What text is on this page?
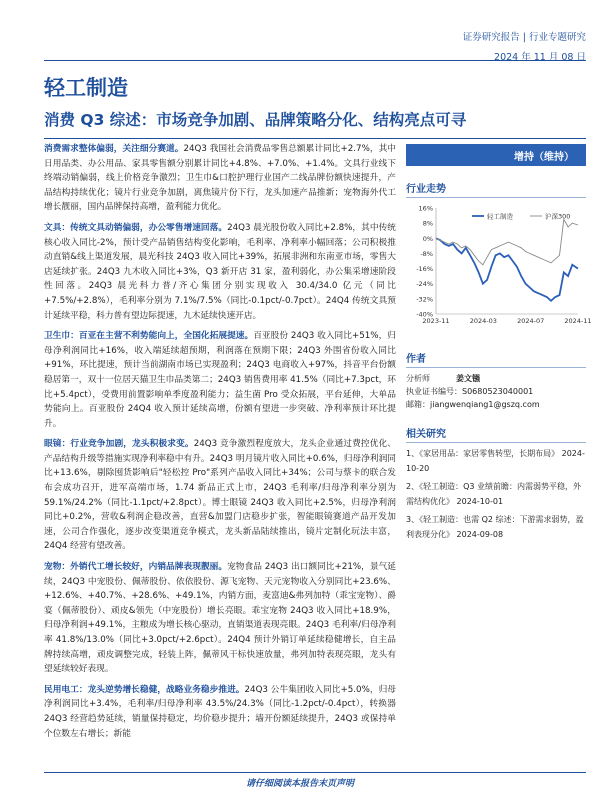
证券研究报告 | 行业专题研究
2024 年 11 月 08 日
轻工制造
消费 Q3 综述：市场竞争加剧、品牌策略分化、结构亮点可寻

消费需求整体偏弱，关注细分赛道。24Q3 我国社会消费品零售总额累计同比+2.7%，其中日用品类、办公用品、家具零售额分别累计同比+4.8%、+7.0%、+1.4%。文具行业线下终端动销偏弱，线上价格竞争激烈；卫生巾&口腔护理行业国产二线品牌份额快速提升，产品结构持续优化；镜片行业竞争加剧，离焦镜片份下行，龙头加速产品推新；宠物海外代工增长靓丽，国内品牌保持高增，盈利能力优化。

文具：传统文具动销偏弱，办公零售增速回落。24Q3 晨光股份收入同比+2.8%，其中传统核心收入同比-2%，预计受产品销售结构变化影响，毛利率、净利率小幅回落；公司积极推动直销&线上渠道发展，晨光科技 24Q3 收入同比+39%，拓展非洲和东南亚市场，零售大店延续扩张。24Q3 九木收入同比+3%，Q3 新开店 31 家，盈利弱化，办公集采增速阶段性回落。24Q3 晨光科力普/齐心集团分别实现收入 30.4/34.0 亿元（同比+7.5%/+2.8%），毛利率分别为 7.1%/7.5%（同比-0.1pct/-0.7pct）。24Q4 传统文具预计延续平稳，科力普有望边际提速，九木延续快速开店。

卫生巾：百亚在主营不利势能向上，全国化拓展提速。百亚股份 24Q3 收入同比+51%，归母净利润同比+16%，收入端延续超预期，利润落在预期下限；24Q3 外围省份收入同比+91%，环比提速，预计当前湖南市场已实现盈利；24Q3 电商收入+97%，抖音平台份额稳居第一，双十一位居天猫卫生巾品类第二；24Q3 销售费用率 41.5%（同比+7.3pct，环比+5.4pct），受费用前置影响单季度盈利能力；益生菌 Pro 受众拓展，平台延伸，大单品势能向上。百亚股份 24Q4 收入预计延续高增，份额有望进一步突破、净利率预计环比提升。

眼镜：行业竞争加剧，龙头积极求变。24Q3 竞争激烈程度放大，龙头企业通过费控优化、产品结构升级等措施实现净利率稳中有升。24Q3 明月镜片收入同比+0.6%，归母净利润同比+13.6%，剔除囤货影响后"轻松控 Pro"系列产品收入同比+34%；公司与蔡卡的联合发布会成功召开，进军高端市场，1.74 新品正式上市，24Q3 毛利率/归母净利率分别为 59.1%/24.2%（同比-1.1pct/+2.8pct）。博士眼镜 24Q3 收入同比+2.5%，归母净利润同比+0.2%，营收&利润企稳改善，直营&加盟门店稳步扩张，智能眼镜赛道产品开发加速，公司合作强化，逐步改变渠道竞争模式，龙头新品陆续推出，镜片定制化玩法丰富，24Q4 经营有望改善。

宠物：外销代工增长较好，内销品牌表现靓丽。宠物食品 24Q3 出口额同比+21%，景气延续，24Q3 中宠股份、佩蒂股份、依依股份、源飞宠物、天元宠物收入分别同比+23.6%、+12.6%、+40.7%、+28.6%、+49.1%，内销方面，麦富迪&弗列加特（乖宝宠物）、爵宴（佩蒂股份）、顽皮&领先（中宠股份）增长亮眼。乖宝宠物 24Q3 收入同比+18.9%，归母净利润+49.1%，主粮成为增长核心驱动，直销渠道表现亮眼。24Q3 毛利率/归母净利率 41.8%/13.0%（同比+3.0pct/+2.6pct）。24Q4 预计外销订单延续稳健增长，自主品牌持续高增，顽皮调整完成，轻装上阵，佩蒂风干标快速放量，弗列加特表现亮眼，龙头有望延续较好表现。

民用电工：龙头逆势增长稳健，战略业务稳步推进。24Q3 公牛集团收入同比+5.0%，归母净利润同比+3.4%，毛利率/归母净利率 43.5%/24.3%（同比-1.2pct/-0.4pct），转换器 24Q3 经营趋势延续，销量保持稳定，均价稳步提升；墙开份额延续提升，24Q3 或保持单个位数左右增长；新能

增持（维持）
行业走势
16%
8%
0%
-8%
-16%
-24%
-32%
-40%
2023-11	2024-03	2024-07	2024-11
轻工制造	沪深300
作者
分析师	姜文镪
执业证书编号：S0680523040001
邮箱：jiangwenqiang1@gszq.com
相关研究
1、《家居用品：家居零售转型，长期布局》 2024-10-20
2、《轻工制造：Q3 业绩前瞻：内需弱势平稳，外需结构优化》 2024-10-01
3、《轻工制造：也需 Q2 综述：下游需求弱势，盈利表现分化》 2024-09-08
请仔细阅读本报告末页声明
